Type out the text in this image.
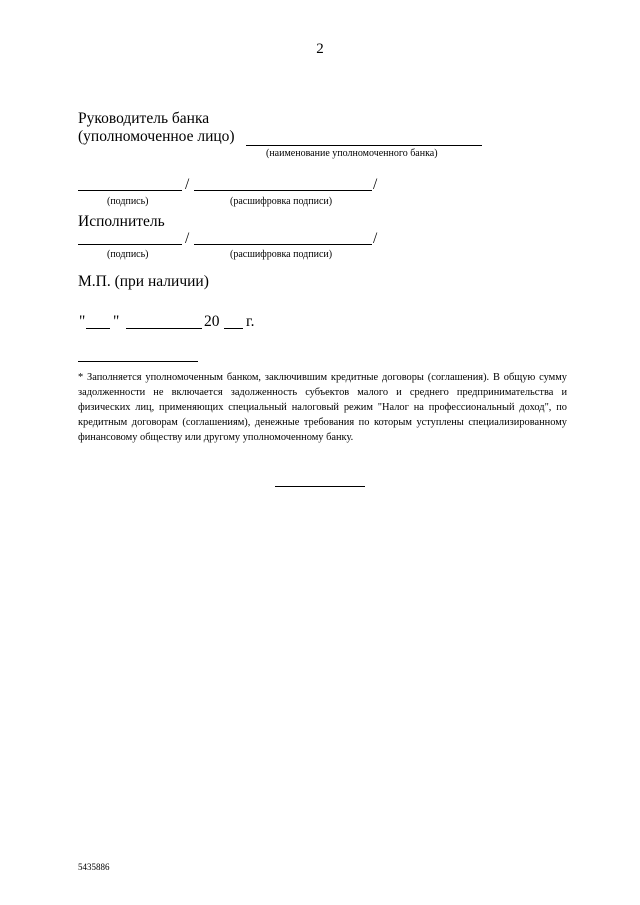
2
Руководитель банка
(уполномоченное лицо)
(наименование уполномоченного банка)
/	/
(подпись)	(расшифровка подписи)
Исполнитель
/	/
(подпись)	(расшифровка подписи)
М.П. (при наличии)
" "	20 г.
* Заполняется уполномоченным банком, заключившим кредитные договоры (соглашения). В общую сумму задолженности не включается задолженность субъектов малого и среднего предпринимательства и физических лиц, применяющих специальный налоговый режим "Налог на профессиональный доход", по кредитным договорам (соглашениям), денежные требования по которым уступлены специализированному финансовому обществу или другому уполномоченному банку.
5435886
